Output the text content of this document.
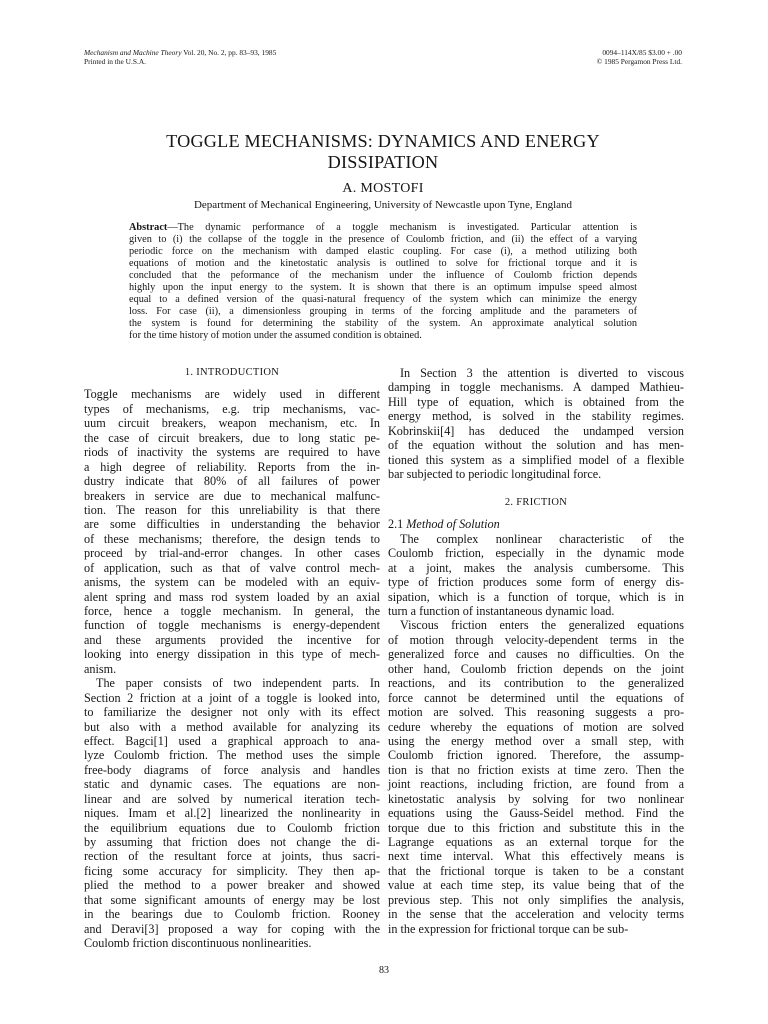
Mechanism and Machine Theory Vol. 20, No. 2, pp. 83–93, 1985
Printed in the U.S.A.
0094–114X/85 $3.00 + .00
© 1985 Pergamon Press Ltd.
TOGGLE MECHANISMS: DYNAMICS AND ENERGY
DISSIPATION
A. MOSTOFI
Department of Mechanical Engineering, University of Newcastle upon Tyne, England
Abstract—The dynamic performance of a toggle mechanism is investigated. Particular attention is
given to (i) the collapse of the toggle in the presence of Coulomb friction, and (ii) the effect of a varying
periodic force on the mechanism with damped elastic coupling. For case (i), a method utilizing both
equations of motion and the kinetostatic analysis is outlined to solve for frictional torque and it is
concluded that the peformance of the mechanism under the influence of Coulomb friction depends
highly upon the input energy to the system. It is shown that there is an optimum impulse speed almost
equal to a defined version of the quasi-natural frequency of the system which can minimize the energy
loss. For case (ii), a dimensionless grouping in terms of the forcing amplitude and the parameters of
the system is found for determining the stability of the system. An approximate analytical solution
for the time history of motion under the assumed condition is obtained.
1. INTRODUCTION
Toggle mechanisms are widely used in different
types of mechanisms, e.g. trip mechanisms, vac-
uum circuit breakers, weapon mechanism, etc. In
the case of circuit breakers, due to long static pe-
riods of inactivity the systems are required to have
a high degree of reliability. Reports from the in-
dustry indicate that 80% of all failures of power
breakers in service are due to mechanical malfunc-
tion. The reason for this unreliability is that there
are some difficulties in understanding the behavior
of these mechanisms; therefore, the design tends to
proceed by trial-and-error changes. In other cases
of application, such as that of valve control mech-
anisms, the system can be modeled with an equiv-
alent spring and mass rod system loaded by an axial
force, hence a toggle mechanism. In general, the
function of toggle mechanisms is energy-dependent
and these arguments provided the incentive for
looking into energy dissipation in this type of mech-
anism.
The paper consists of two independent parts. In
Section 2 friction at a joint of a toggle is looked into,
to familiarize the designer not only with its effect
but also with a method available for analyzing its
effect. Bagci[1] used a graphical approach to ana-
lyze Coulomb friction. The method uses the simple
free-body diagrams of force analysis and handles
static and dynamic cases. The equations are non-
linear and are solved by numerical iteration tech-
niques. Imam et al.[2] linearized the nonlinearity in
the equilibrium equations due to Coulomb friction
by assuming that friction does not change the di-
rection of the resultant force at joints, thus sacri-
ficing some accuracy for simplicity. They then ap-
plied the method to a power breaker and showed
that some significant amounts of energy may be lost
in the bearings due to Coulomb friction. Rooney
and Deravi[3] proposed a way for coping with the
Coulomb friction discontinuous nonlinearities.
In Section 3 the attention is diverted to viscous
damping in toggle mechanisms. A damped Mathieu-
Hill type of equation, which is obtained from the
energy method, is solved in the stability regimes.
Kobrinskii[4] has deduced the undamped version
of the equation without the solution and has men-
tioned this system as a simplified model of a flexible
bar subjected to periodic longitudinal force.
2. FRICTION
2.1 Method of Solution
The complex nonlinear characteristic of the
Coulomb friction, especially in the dynamic mode
at a joint, makes the analysis cumbersome. This
type of friction produces some form of energy dis-
sipation, which is a function of torque, which is in
turn a function of instantaneous dynamic load.
Viscous friction enters the generalized equations
of motion through velocity-dependent terms in the
generalized force and causes no difficulties. On the
other hand, Coulomb friction depends on the joint
reactions, and its contribution to the generalized
force cannot be determined until the equations of
motion are solved. This reasoning suggests a pro-
cedure whereby the equations of motion are solved
using the energy method over a small step, with
Coulomb friction ignored. Therefore, the assump-
tion is that no friction exists at time zero. Then the
joint reactions, including friction, are found from a
kinetostatic analysis by solving for two nonlinear
equations using the Gauss-Seidel method. Find the
torque due to this friction and substitute this in the
Lagrange equations as an external torque for the
next time interval. What this effectively means is
that the frictional torque is taken to be a constant
value at each time step, its value being that of the
previous step. This not only simplifies the analysis,
in the sense that the acceleration and velocity terms
in the expression for frictional torque can be sub-
83
